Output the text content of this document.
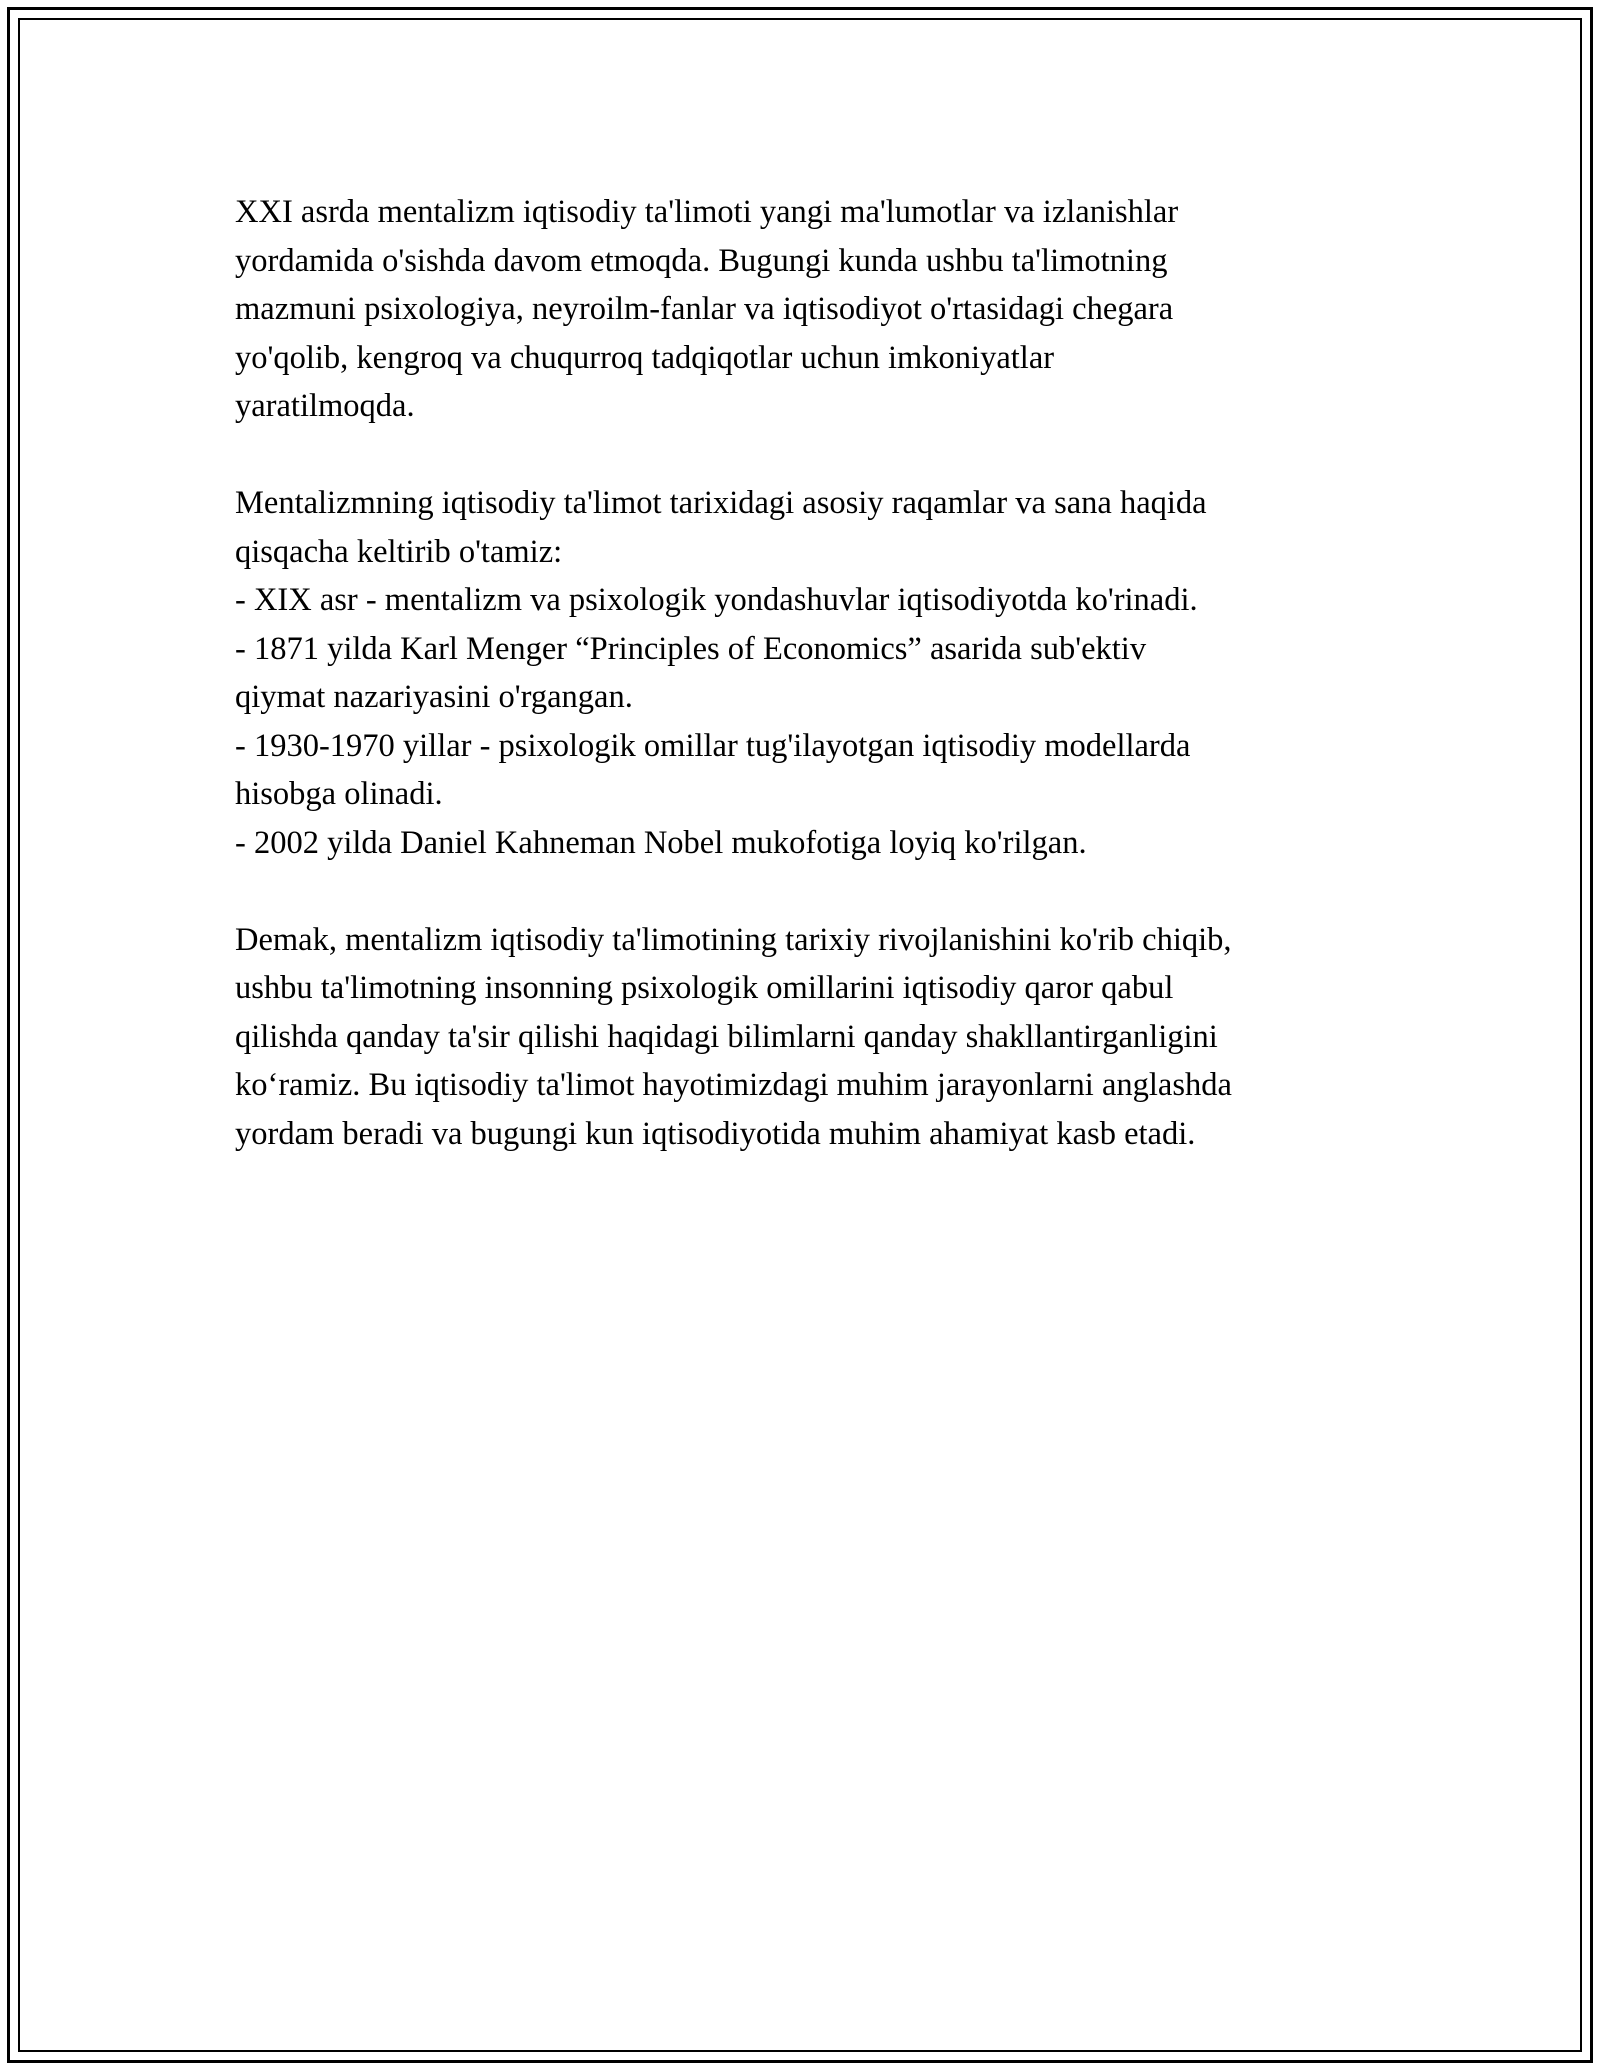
XXI asrda mentalizm iqtisodiy ta'limoti yangi ma'lumotlar va izlanishlar
yordamida o'sishda davom etmoqda. Bugungi kunda ushbu ta'limotning
mazmuni psixologiya, neyroilm-fanlar va iqtisodiyot o'rtasidagi chegara
yo'qolib, kengroq va chuqurroq tadqiqotlar uchun imkoniyatlar
yaratilmoqda.
Mentalizmning iqtisodiy ta'limot tarixidagi asosiy raqamlar va sana haqida
qisqacha keltirib o'tamiz:
- XIX asr - mentalizm va psixologik yondashuvlar iqtisodiyotda ko'rinadi.
- 1871 yilda Karl Menger “Principles of Economics” asarida sub'ektiv
qiymat nazariyasini o'rgangan.
- 1930-1970 yillar - psixologik omillar tug'ilayotgan iqtisodiy modellarda
hisobga olinadi.
- 2002 yilda Daniel Kahneman Nobel mukofotiga loyiq ko'rilgan.
Demak, mentalizm iqtisodiy ta'limotining tarixiy rivojlanishini ko'rib chiqib,
ushbu ta'limotning insonning psixologik omillarini iqtisodiy qaror qabul
qilishda qanday ta'sir qilishi haqidagi bilimlarni qanday shakllantirganligini
ko‘ramiz. Bu iqtisodiy ta'limot hayotimizdagi muhim jarayonlarni anglashda
yordam beradi va bugungi kun iqtisodiyotida muhim ahamiyat kasb etadi.
